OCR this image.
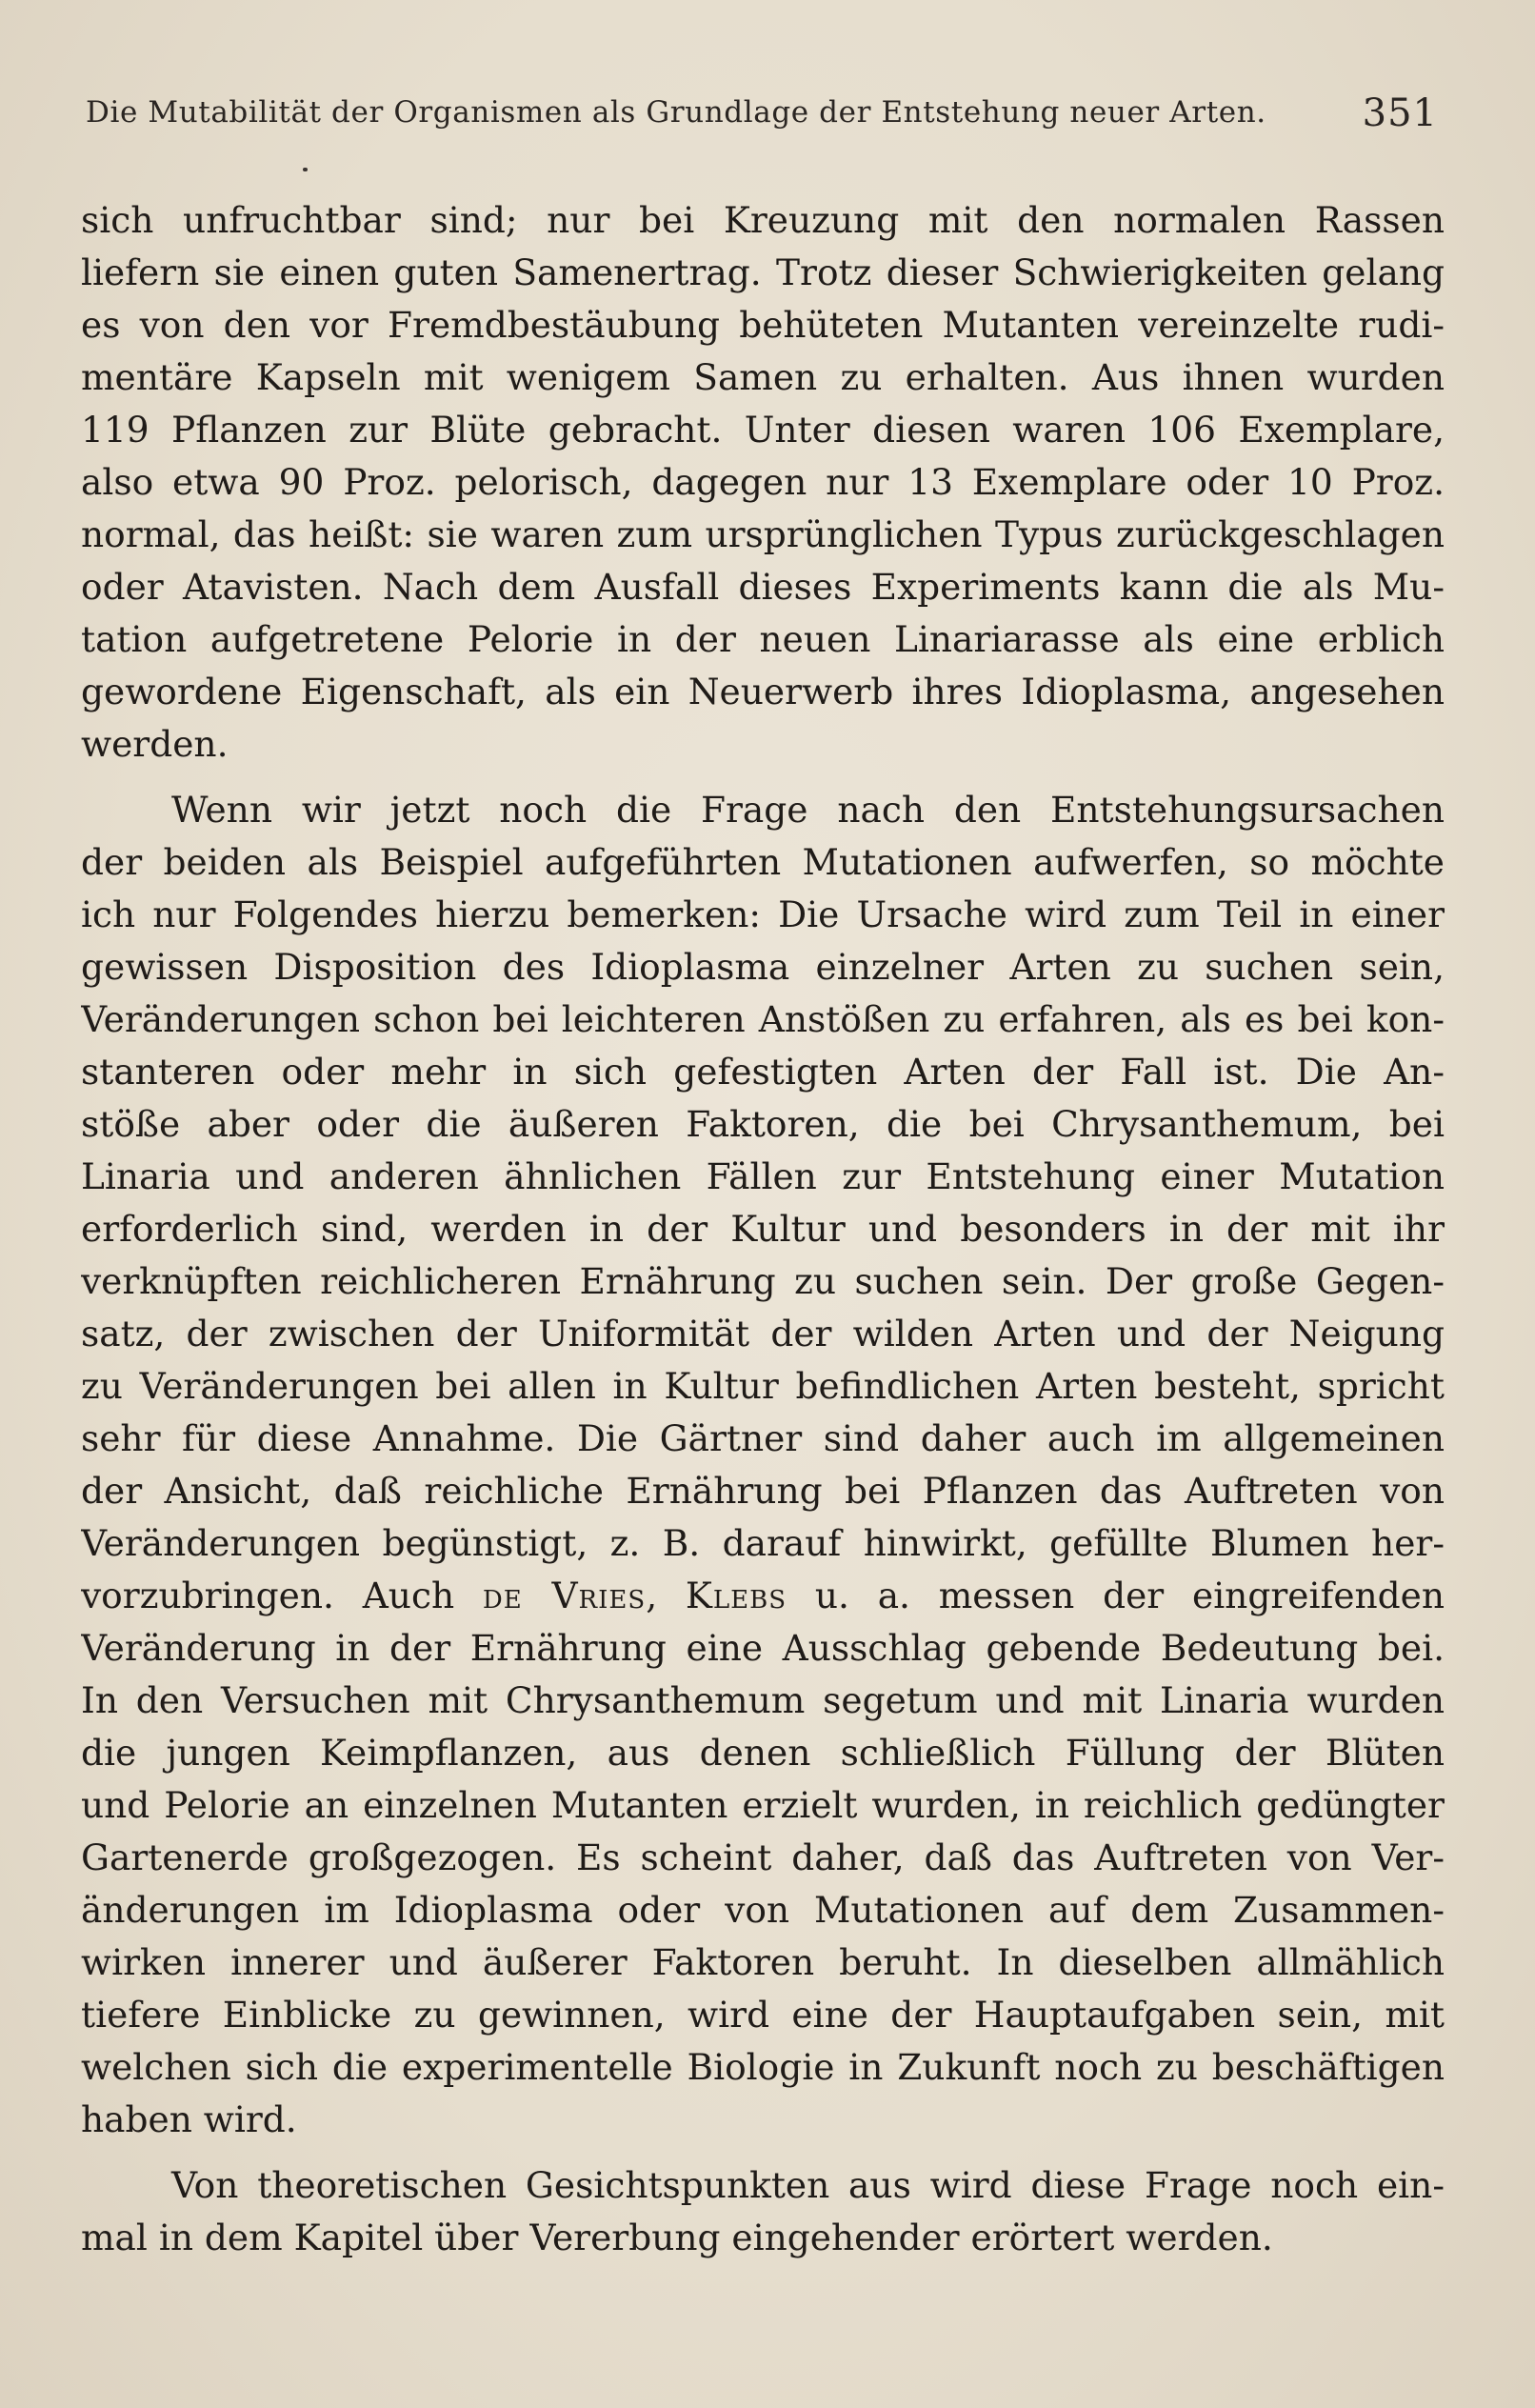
Die Mutabilität der Organismen als Grundlage der Entstehung neuer Arten.	351
sich unfruchtbar sind; nur bei Kreuzung mit den normalen Rassen
liefern sie einen guten Samenertrag. Trotz dieser Schwierigkeiten gelang
es von den vor Fremdbestäubung behüteten Mutanten vereinzelte rudi-
mentäre Kapseln mit wenigem Samen zu erhalten. Aus ihnen wurden
119 Pflanzen zur Blüte gebracht. Unter diesen waren 106 Exemplare,
also etwa 90 Proz. pelorisch, dagegen nur 13 Exemplare oder 10 Proz.
normal, das heißt: sie waren zum ursprünglichen Typus zurückgeschlagen
oder Atavisten. Nach dem Ausfall dieses Experiments kann die als Mu-
tation aufgetretene Pelorie in der neuen Linariarasse als eine erblich
gewordene Eigenschaft, als ein Neuerwerb ihres Idioplasma, angesehen
werden.
Wenn wir jetzt noch die Frage nach den Entstehungsursachen
der beiden als Beispiel aufgeführten Mutationen aufwerfen, so möchte
ich nur Folgendes hierzu bemerken: Die Ursache wird zum Teil in einer
gewissen Disposition des Idioplasma einzelner Arten zu suchen sein,
Veränderungen schon bei leichteren Anstößen zu erfahren, als es bei kon-
stanteren oder mehr in sich gefestigten Arten der Fall ist. Die An-
stöße aber oder die äußeren Faktoren, die bei Chrysanthemum, bei
Linaria und anderen ähnlichen Fällen zur Entstehung einer Mutation
erforderlich sind, werden in der Kultur und besonders in der mit ihr
verknüpften reichlicheren Ernährung zu suchen sein. Der große Gegen-
satz, der zwischen der Uniformität der wilden Arten und der Neigung
zu Veränderungen bei allen in Kultur befindlichen Arten besteht, spricht
sehr für diese Annahme. Die Gärtner sind daher auch im allgemeinen
der Ansicht, daß reichliche Ernährung bei Pflanzen das Auftreten von
Veränderungen begünstigt, z. B. darauf hinwirkt, gefüllte Blumen her-
vorzubringen. Auch de Vries, Klebs u. a. messen der eingreifenden
Veränderung in der Ernährung eine Ausschlag gebende Bedeutung bei.
In den Versuchen mit Chrysanthemum segetum und mit Linaria wurden
die jungen Keimpflanzen, aus denen schließlich Füllung der Blüten
und Pelorie an einzelnen Mutanten erzielt wurden, in reichlich gedüngter
Gartenerde großgezogen. Es scheint daher, daß das Auftreten von Ver-
änderungen im Idioplasma oder von Mutationen auf dem Zusammen-
wirken innerer und äußerer Faktoren beruht. In dieselben allmählich
tiefere Einblicke zu gewinnen, wird eine der Hauptaufgaben sein, mit
welchen sich die experimentelle Biologie in Zukunft noch zu beschäftigen
haben wird.
Von theoretischen Gesichtspunkten aus wird diese Frage noch ein-
mal in dem Kapitel über Vererbung eingehender erörtert werden.
